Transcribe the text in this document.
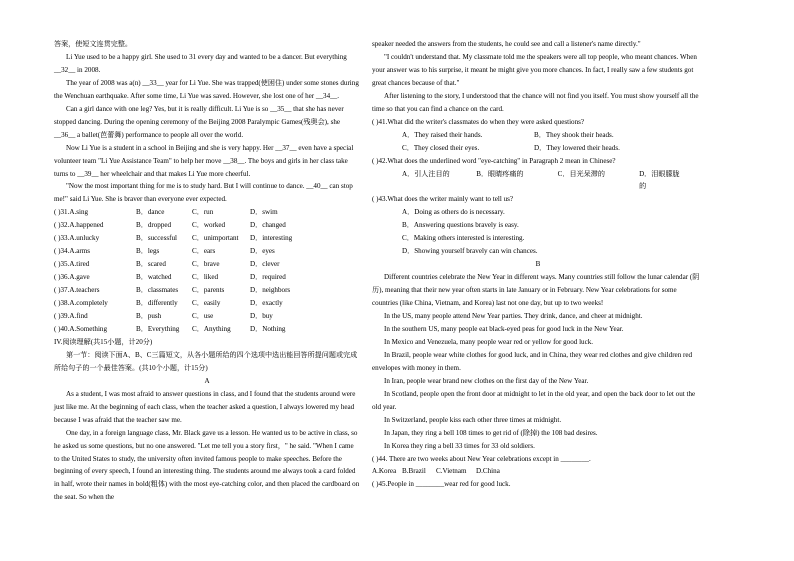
答案，使短文连贯完整。

Li Yue used to be a happy girl. She used to 31 every day and wanted to be a dancer. But everything __32__ in 2008.

The year of 2008 was a(n) __33__ year for Li Yue. She was trapped(使困住) under some stones during the Wenchuan earthquake. After some time, Li Yue was saved. However, she lost one of her __34__.

Can a girl dance with one leg? Yes, but it is really difficult. Li Yue is so __35__ that she has never stopped dancing. During the opening ceremony of the Beijing 2008 Paralympic Games(残奥会), she __36__ a ballet(芭蕾舞) performance to people all over the world.

Now Li Yue is a student in a school in Beijing and she is very happy. Her __37__ even have a special volunteer team "Li Yue Assistance Team" to help her move __38__. The boys and girls in her class take turns to __39__ her wheelchair and that makes Li Yue more cheerful.

"Now the most important thing for me is to study hard. But I will continue to dance. __40__ can stop me!" said Li Yue. She is braver than everyone ever expected.

( )31.A.sing	B．dance	C．run	D．swim
( )32.A.happened	B．dropped	C．worked	D．changed
( )33.A.unlucky	B．successful	C．unimportant	D．interesting
( )34.A.arms	B．legs	C．ears	D．eyes
( )35.A.tired	B．scared	C．brave	D．clever
( )36.A.gave	B．watched	C．liked	D．required
( )37.A.teachers	B．classmates	C．parents	D．neighbors
( )38.A.completely	B．differently	C．easily	D．exactly
( )39.A.find	B．push	C．use	D．buy
( )40.A.Something	B．Everything	C．Anything	D．Nothing

IV.阅读理解(共15小题，计20分)

第一节：阅读下面A、B、C三篇短文，从各小题所给的四个选项中选出能回答所提问题或完成所给句子的一个最佳答案。(共10个小题，计15分)

A

As a student, I was most afraid to answer questions in class, and I found that the students around were just like me. At the beginning of each class, when the teacher asked a question, I always lowered my head because I was afraid that the teacher saw me.

One day, in a foreign language class, Mr. Black gave us a lesson. He wanted us to be active in class, so he asked us some questions, but no one answered. "Let me tell you a story first，" he said. "When I came to the United States to study, the university often invited famous people to make speeches. Before the beginning of every speech, I found an interesting thing. The students around me always took a card folded in half, wrote their names in bold(粗体) with the most eye-catching color, and then placed the cardboard on the seat. So when the

speaker needed the answers from the students, he could see and call a listener's name directly."

"I couldn't understand that. My classmate told me the speakers were all top people, who meant chances. When your answer was to his surprise, it meant he might give you more chances. In fact, I really saw a few students got great chances because of that."

After listening to the story, I understood that the chance will not find you itself. You must show yourself all the time so that you can find a chance on the card.

( )41.What did the writer's classmates do when they were asked questions?

A．They raised their hands.	B．They shook their heads.
C．They closed their eyes.	D．They lowered their heads.

( )42.What does the underlined word "eye-catching" in Paragraph 2 mean in Chinese?

A．引人注目的	B．眼睛疼痛的	C．目光呆滞的	D．泪眼朦胧的

( )43.What does the writer mainly want to tell us?

A．Doing as others do is necessary.

B．Answering questions bravely is easy.

C．Making others interested is interesting.

D．Showing yourself bravely can win chances.

B

Different countries celebrate the New Year in different ways. Many countries still follow the lunar calendar (阴历), meaning that their new year often starts in late January or in February. New Year celebrations for some countries (like China, Vietnam, and Korea) last not one day, but up to two weeks!

In the US, many people attend New Year parties. They drink, dance, and cheer at midnight.

In the southern US, many people eat black-eyed peas for good luck in the New Year.

In Mexico and Venezuela, many people wear red or yellow for good luck.

In Brazil, people wear white clothes for good luck, and in China, they wear red clothes and give children red envelopes with money in them.

In Iran, people wear brand new clothes on the first day of the New Year.

In Scotland, people open the front door at midnight to let in the old year, and open the back door to let out the old year.

In Switzerland, people kiss each other three times at midnight.

In Japan, they ring a bell 108 times to get rid of (除掉) the 108 bad desires.

In Korea they ring a bell 33 times for 33 old soldiers.

( )44. There are two weeks about New Year celebrations except in ________.

A.Korea B.Brazil	C.Vietnam	D.China

( )45.People in ________wear red for good luck.
